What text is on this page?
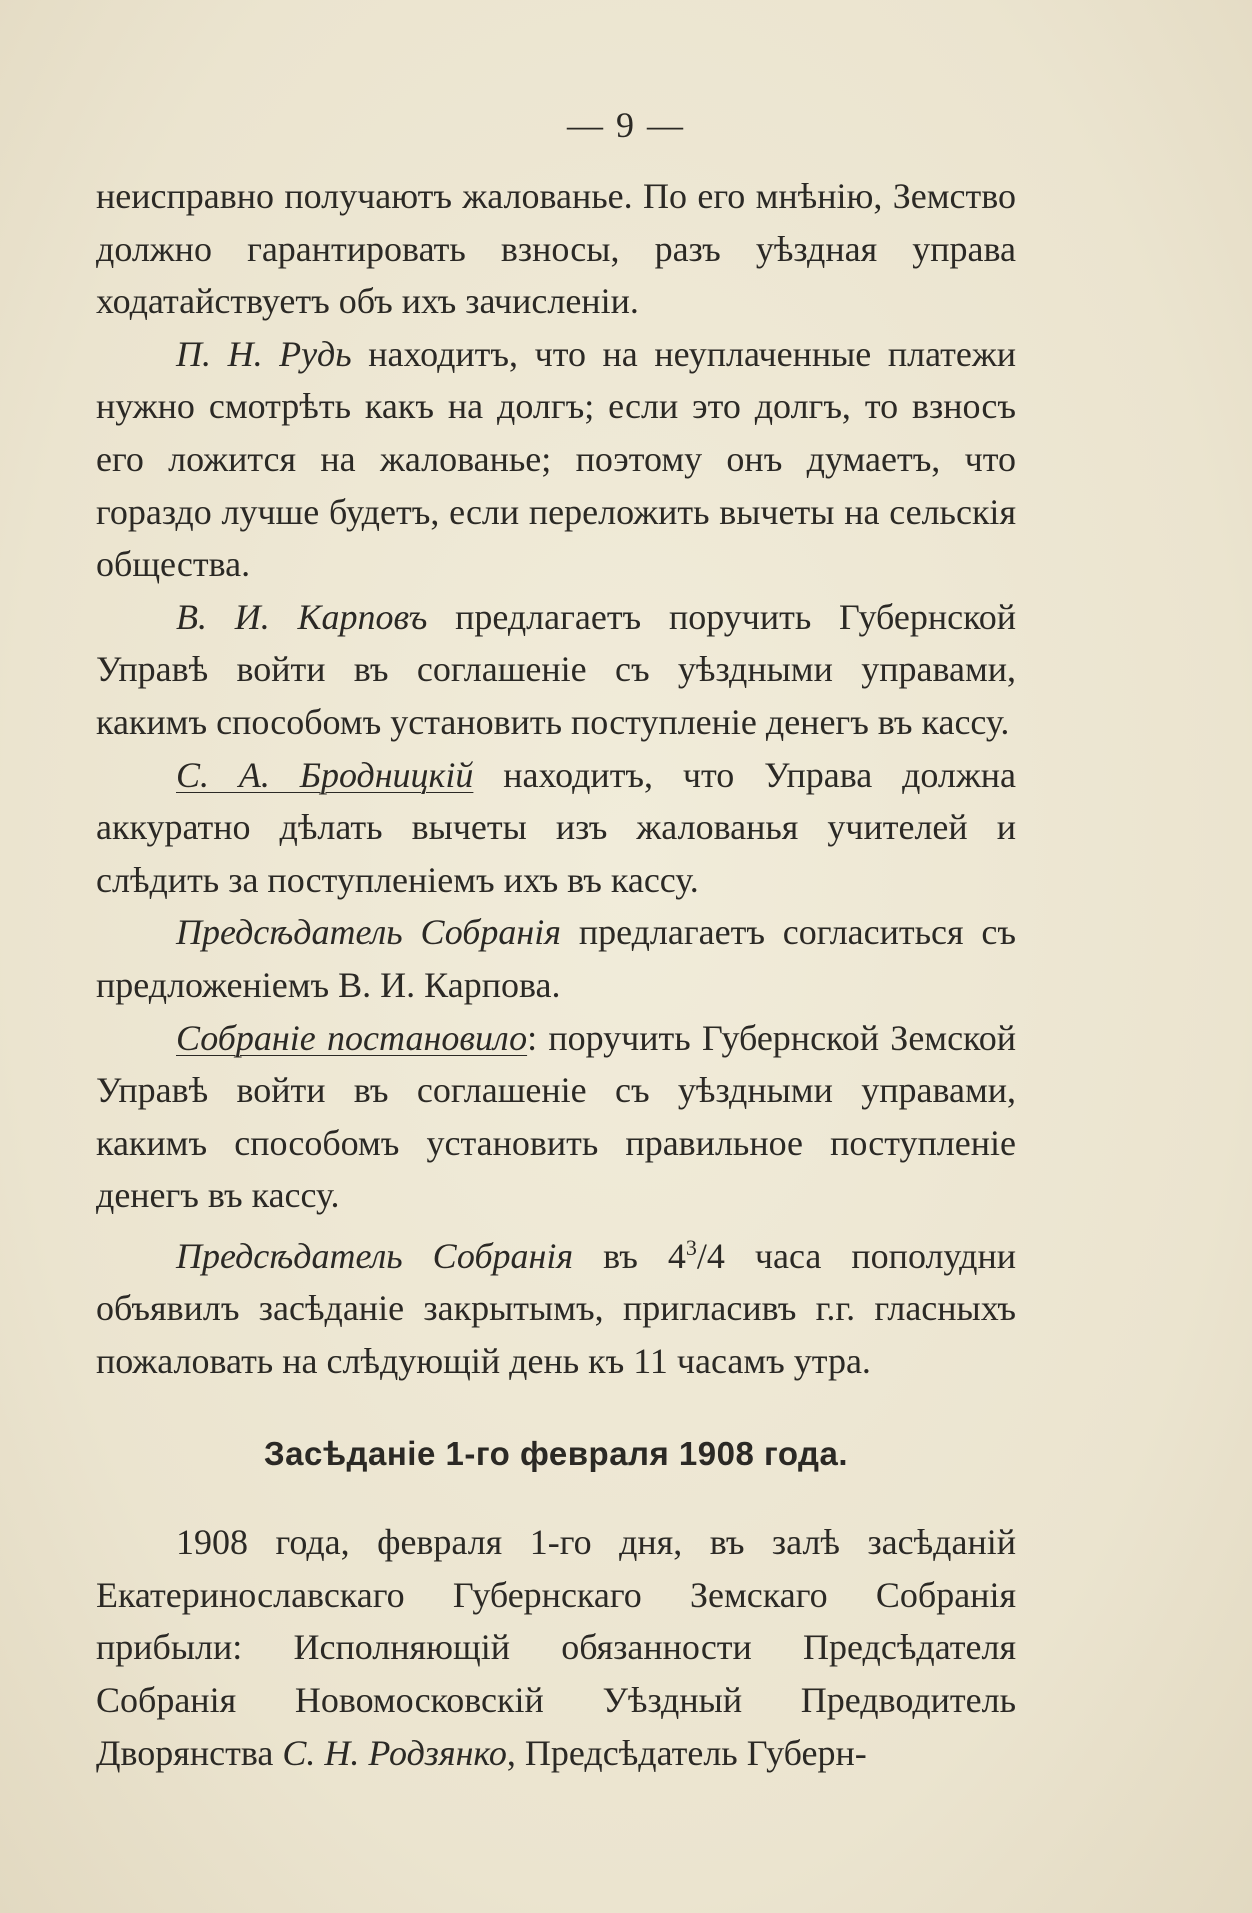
— 9 —

неисправно получаютъ жалованье. По его мнѣнію, Земство должно гарантировать взносы, разъ уѣздная управа ходатайствуетъ объ ихъ зачисленіи.

П. Н. Рудь находитъ, что на неуплаченные платежи нужно смотрѣть какъ на долгъ; если это долгъ, то взносъ его ложится на жалованье; поэтому онъ думаетъ, что гораздо лучше будетъ, если переложить вычеты на сельскія общества.

В. И. Карповъ предлагаетъ поручить Губернской Управѣ войти въ соглашеніе съ уѣздными управами, какимъ способомъ установить поступленіе денегъ въ кассу.

С. А. Бродницкій находитъ, что Управа должна аккуратно дѣлать вычеты изъ жалованья учителей и слѣдить за поступленіемъ ихъ въ кассу.

Предсѣдатель Собранія предлагаетъ согласиться съ предложеніемъ В. И. Карпова.

Собраніе постановило: поручить Губернской Земской Управѣ войти въ соглашеніе съ уѣздными управами, какимъ способомъ установить правильное поступленіе денегъ въ кассу.

Предсѣдатель Собранія въ $4^3/4$ часа пополудни объявилъ засѣданіе закрытымъ, пригласивъ г.г. гласныхъ пожаловать на слѣдующій день къ 11 часамъ утра.

Засѣданіе 1-го февраля 1908 года.

1908 года, февраля 1-го дня, въ залѣ засѣданій Екатеринославскаго Губернскаго Земскаго Собранія прибыли: Исполняющій обязанности Предсѣдателя Собранія Новомосковскій Уѣздный Предводитель Дворянства С. Н. Родзянко, Предсѣдатель Губерн-
